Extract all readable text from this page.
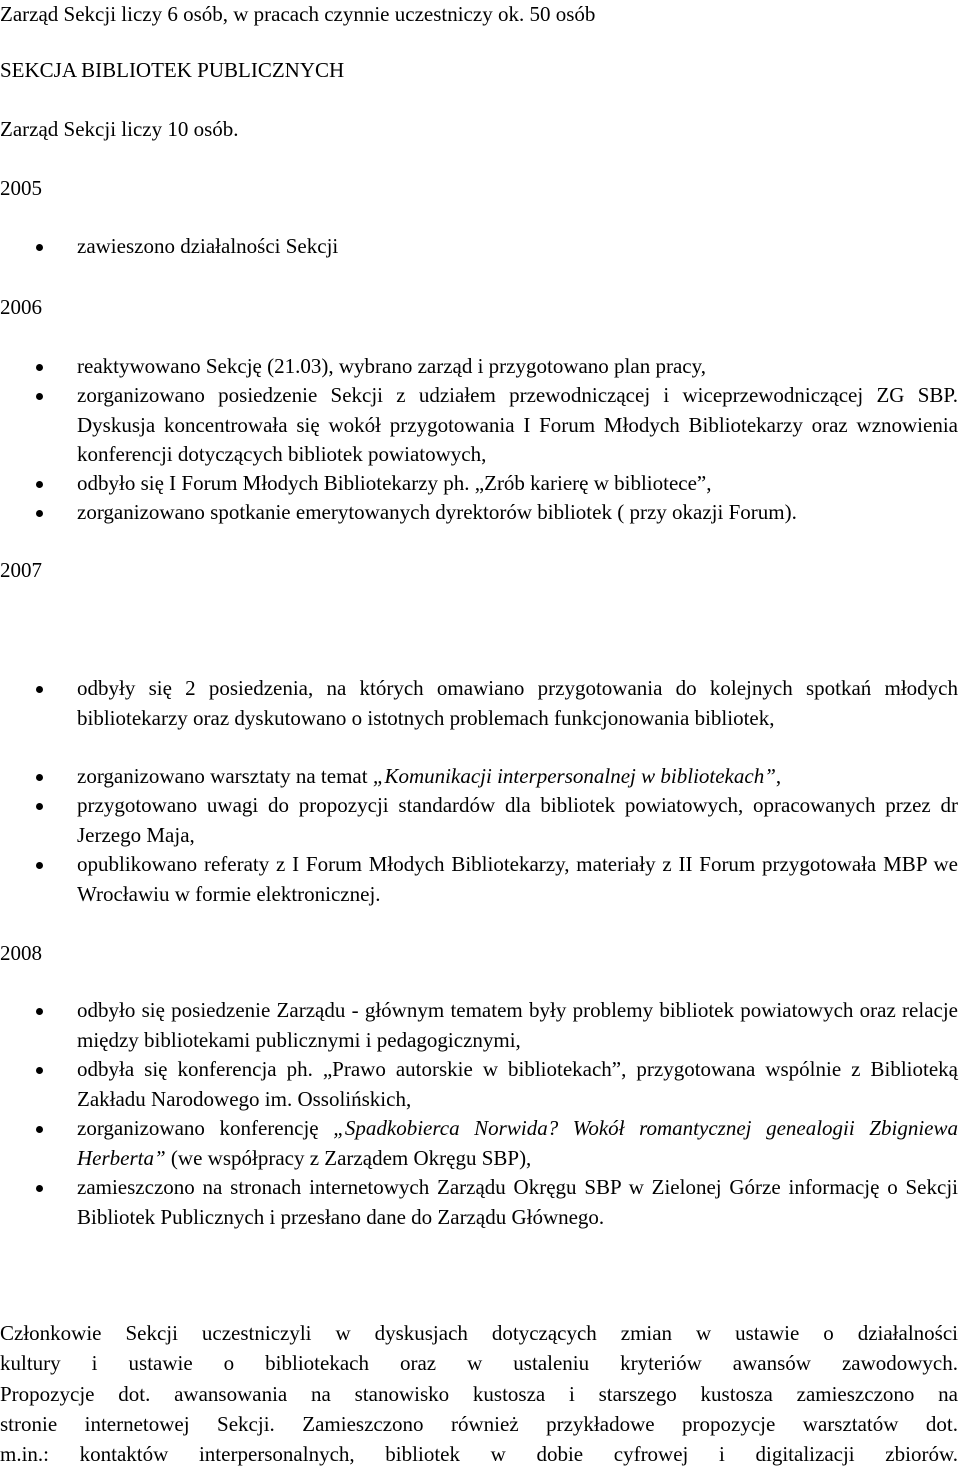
Zarząd Sekcji liczy 6 osób, w pracach czynnie uczestniczy ok. 50 osób
SEKCJA BIBLIOTEK PUBLICZNYCH
Zarząd Sekcji liczy 10 osób.
2005
zawieszono działalności Sekcji
2006
reaktywowano Sekcję (21.03), wybrano zarząd i przygotowano plan pracy,
zorganizowano posiedzenie Sekcji z udziałem przewodniczącej i wiceprzewodniczącej ZG SBP. Dyskusja koncentrowała się wokół przygotowania I Forum Młodych Bibliotekarzy oraz wznowienia konferencji dotyczących bibliotek powiatowych,
odbyło się I Forum Młodych Bibliotekarzy ph. „Zrób karierę w bibliotece”,
zorganizowano spotkanie emerytowanych dyrektorów bibliotek ( przy okazji Forum).
2007
odbyły się 2 posiedzenia, na których omawiano przygotowania do kolejnych spotkań młodych bibliotekarzy oraz dyskutowano o istotnych problemach funkcjonowania bibliotek,
zorganizowano warsztaty na temat „Komunikacji interpersonalnej w bibliotekach”,
przygotowano uwagi do propozycji standardów dla bibliotek powiatowych, opracowanych przez dr Jerzego Maja,
opublikowano referaty z I Forum Młodych Bibliotekarzy, materiały z II Forum przygotowała MBP we Wrocławiu w formie elektronicznej.
2008
odbyło się posiedzenie Zarządu - głównym tematem były problemy bibliotek powiatowych oraz relacje między bibliotekami publicznymi i pedagogicznymi,
odbyła się konferencja ph. „Prawo autorskie w bibliotekach”, przygotowana wspólnie z Biblioteką Zakładu Narodowego im. Ossolińskich,
zorganizowano konferencję „Spadkobierca Norwida? Wokół romantycznej genealogii Zbigniewa Herberta” (we współpracy z Zarządem Okręgu SBP),
zamieszczono na stronach internetowych Zarządu Okręgu SBP w Zielonej Górze informację o Sekcji Bibliotek Publicznych i przesłano dane do Zarządu Głównego.
Członkowie Sekcji uczestniczyli w dyskusjach dotyczących zmian w ustawie o działalności
kultury i ustawie o bibliotekach oraz w ustaleniu kryteriów awansów zawodowych.
Propozycje dot. awansowania na stanowisko kustosza i starszego kustosza zamieszczono na
stronie internetowej Sekcji. Zamieszczono również przykładowe propozycje warsztatów dot.
m.in.: kontaktów interpersonalnych, bibliotek w dobie cyfrowej i digitalizacji zbiorów.
